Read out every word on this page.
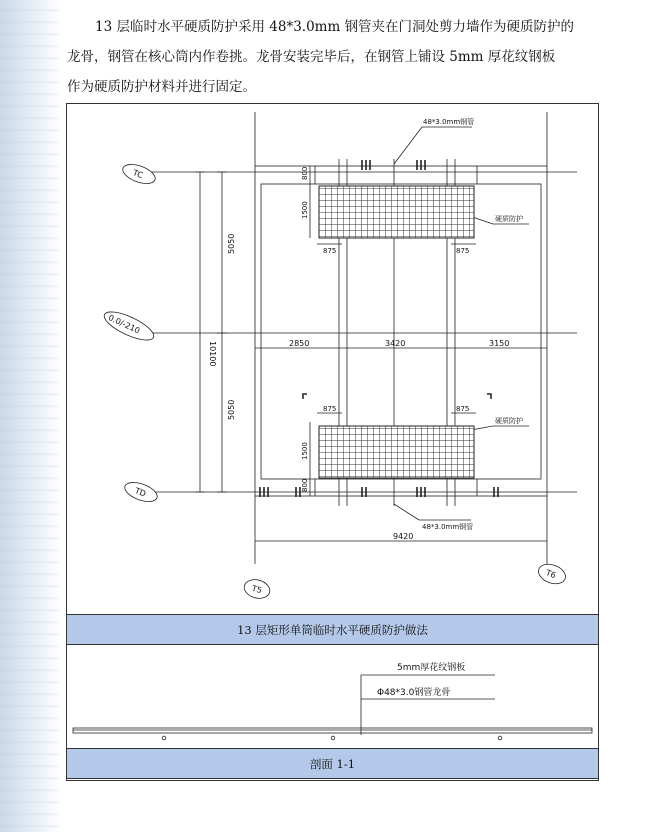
13 层临时水平硬质防护采用 48*3.0mm 钢管夹在门洞处剪力墙作为硬质防护的
龙骨，钢管在核心筒内作卷挑。龙骨安装完毕后，在钢管上铺设 5mm 厚花纹钢板
作为硬质防护材料并进行固定。
TC
0.0/-210
TD
T5
T6
48*3.0mm钢管
48*3.0mm钢管
硬质防护
硬质防护
800
1500
875	875
5050
10100
5050
2850	3420	3150
875	875
1500
800
9420
13 层矩形单筒临时水平硬质防护做法
5mm厚花纹钢板
Φ48*3.0钢管龙骨
剖面 1-1
